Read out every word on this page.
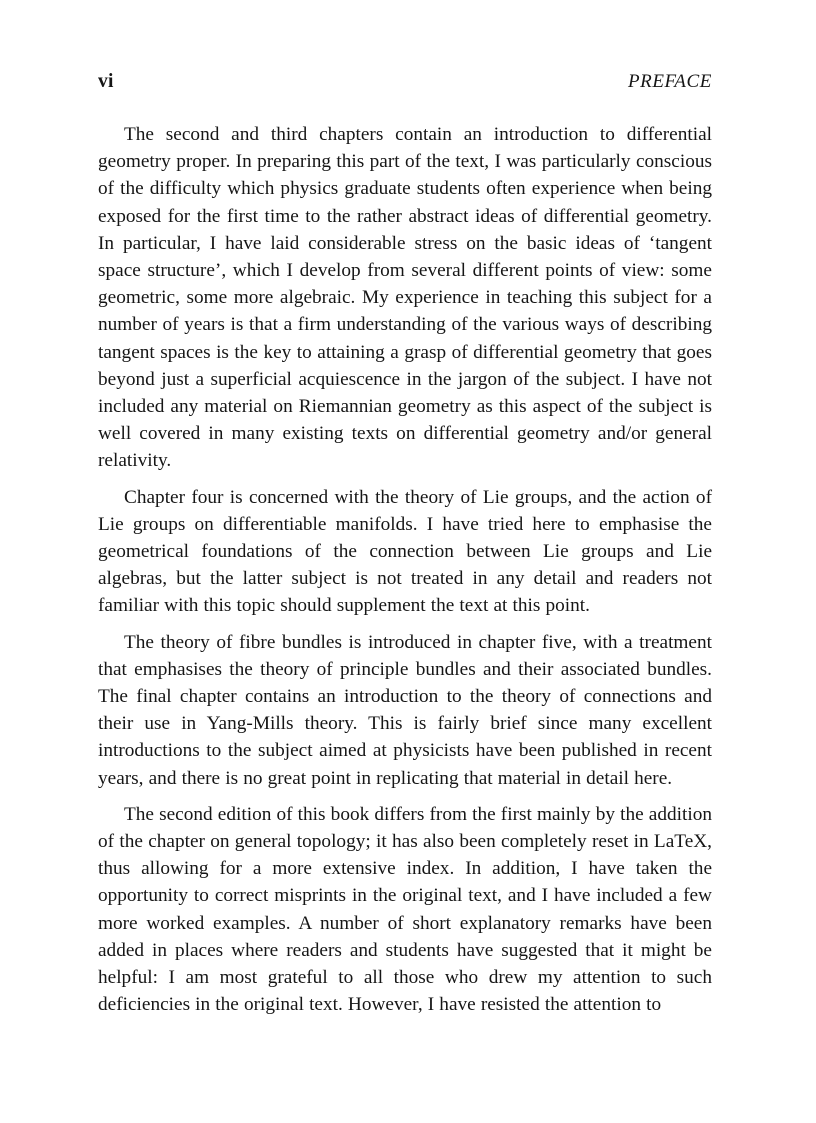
vi	PREFACE

The second and third chapters contain an introduction to differential geometry proper. In preparing this part of the text, I was particularly conscious of the difficulty which physics graduate students often experience when being exposed for the first time to the rather abstract ideas of differential geometry. In particular, I have laid considerable stress on the basic ideas of ‘tangent space structure’, which I develop from several different points of view: some geometric, some more algebraic. My experience in teaching this subject for a number of years is that a firm understanding of the various ways of describing tangent spaces is the key to attaining a grasp of differential geometry that goes beyond just a superficial acquiescence in the jargon of the subject. I have not included any material on Riemannian geometry as this aspect of the subject is well covered in many existing texts on differential geometry and/or general relativity.

Chapter four is concerned with the theory of Lie groups, and the action of Lie groups on differentiable manifolds. I have tried here to emphasise the geometrical foundations of the connection between Lie groups and Lie algebras, but the latter subject is not treated in any detail and readers not familiar with this topic should supplement the text at this point.

The theory of fibre bundles is introduced in chapter five, with a treatment that emphasises the theory of principle bundles and their associated bundles. The final chapter contains an introduction to the theory of connections and their use in Yang-Mills theory. This is fairly brief since many excellent introductions to the subject aimed at physicists have been published in recent years, and there is no great point in replicating that material in detail here.

The second edition of this book differs from the first mainly by the addition of the chapter on general topology; it has also been completely reset in LaTeX, thus allowing for a more extensive index. In addition, I have taken the opportunity to correct misprints in the original text, and I have included a few more worked examples. A number of short explanatory remarks have been added in places where readers and students have suggested that it might be helpful: I am most grateful to all those who drew my attention to such deficiencies in the original text. However, I have resisted the attention to
